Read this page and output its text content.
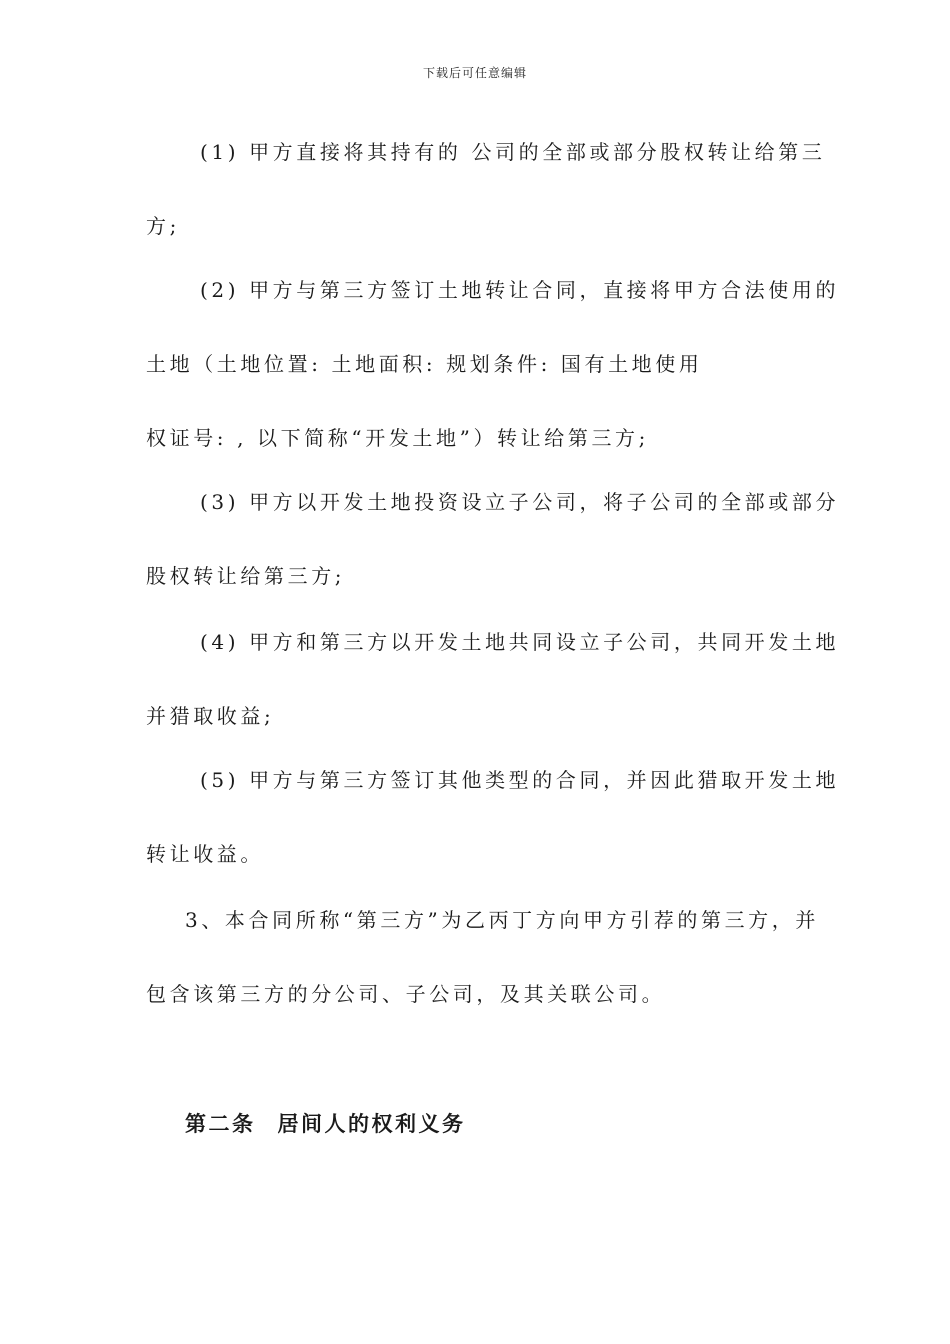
下载后可任意编辑
(1) 甲方直接将其持有的 公司的全部或部分股权转让给第三
方;
(2) 甲方与第三方签订土地转让合同，直接将甲方合法使用的
土地（土地位置: 土地面积: 规划条件: 国有土地使用
权证号: , 以下简称“开发土地”）转让给第三方;
(3) 甲方以开发土地投资设立子公司，将子公司的全部或部分
股权转让给第三方;
(4) 甲方和第三方以开发土地共同设立子公司，共同开发土地
并猎取收益;
(5) 甲方与第三方签订其他类型的合同，并因此猎取开发土地
转让收益。
3、本合同所称“第三方”为乙丙丁方向甲方引荐的第三方，并
包含该第三方的分公司、子公司，及其关联公司。
第二条 居间人的权利义务
